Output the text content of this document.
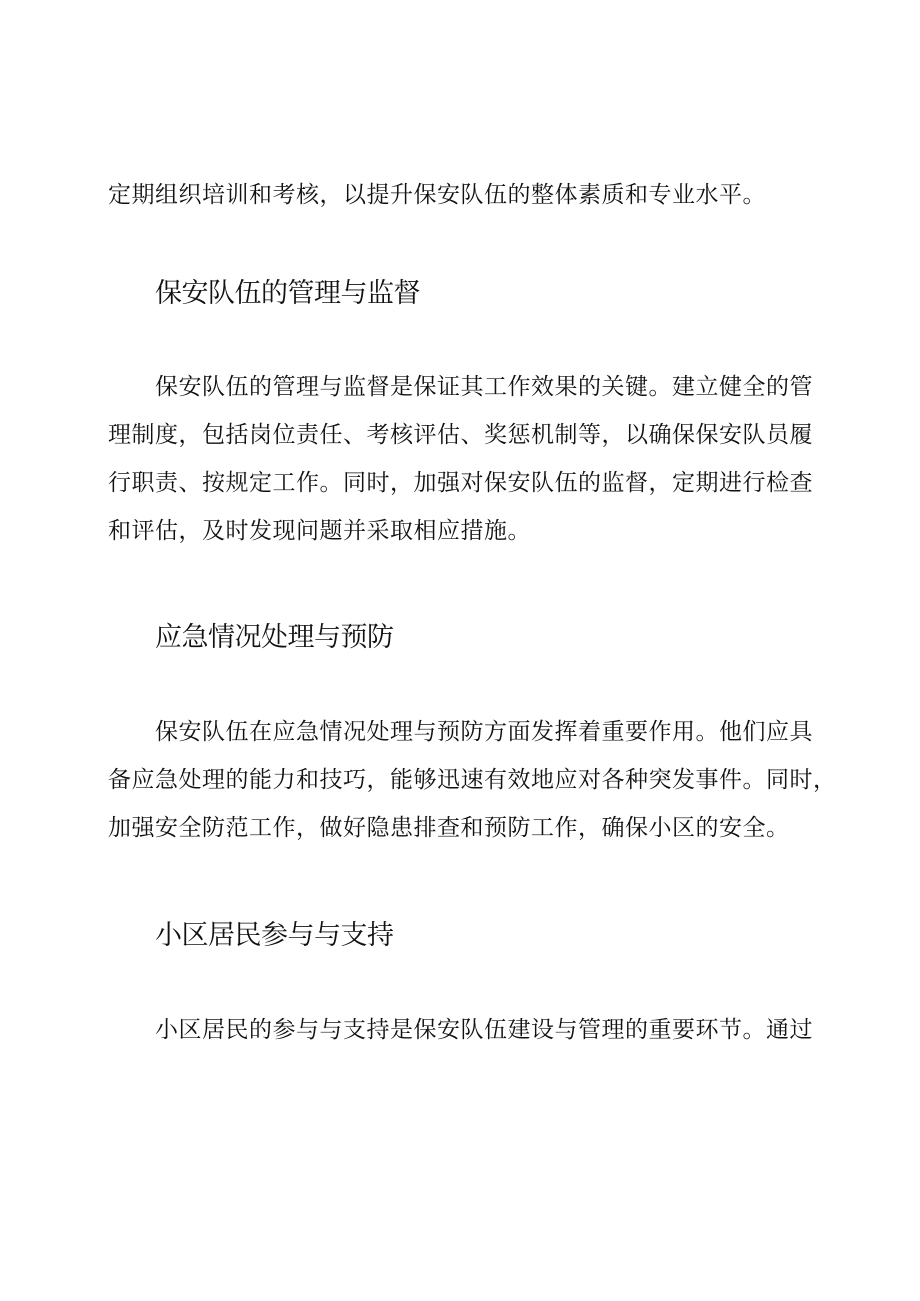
定期组织培训和考核，以提升保安队伍的整体素质和专业水平。
保安队伍的管理与监督
保安队伍的管理与监督是保证其工作效果的关键。建立健全的管
理制度，包括岗位责任、考核评估、奖惩机制等，以确保保安队员履
行职责、按规定工作。同时，加强对保安队伍的监督，定期进行检查
和评估，及时发现问题并采取相应措施。
应急情况处理与预防
保安队伍在应急情况处理与预防方面发挥着重要作用。他们应具
备应急处理的能力和技巧，能够迅速有效地应对各种突发事件。同时，
加强安全防范工作，做好隐患排查和预防工作，确保小区的安全。
小区居民参与与支持
小区居民的参与与支持是保安队伍建设与管理的重要环节。通过
